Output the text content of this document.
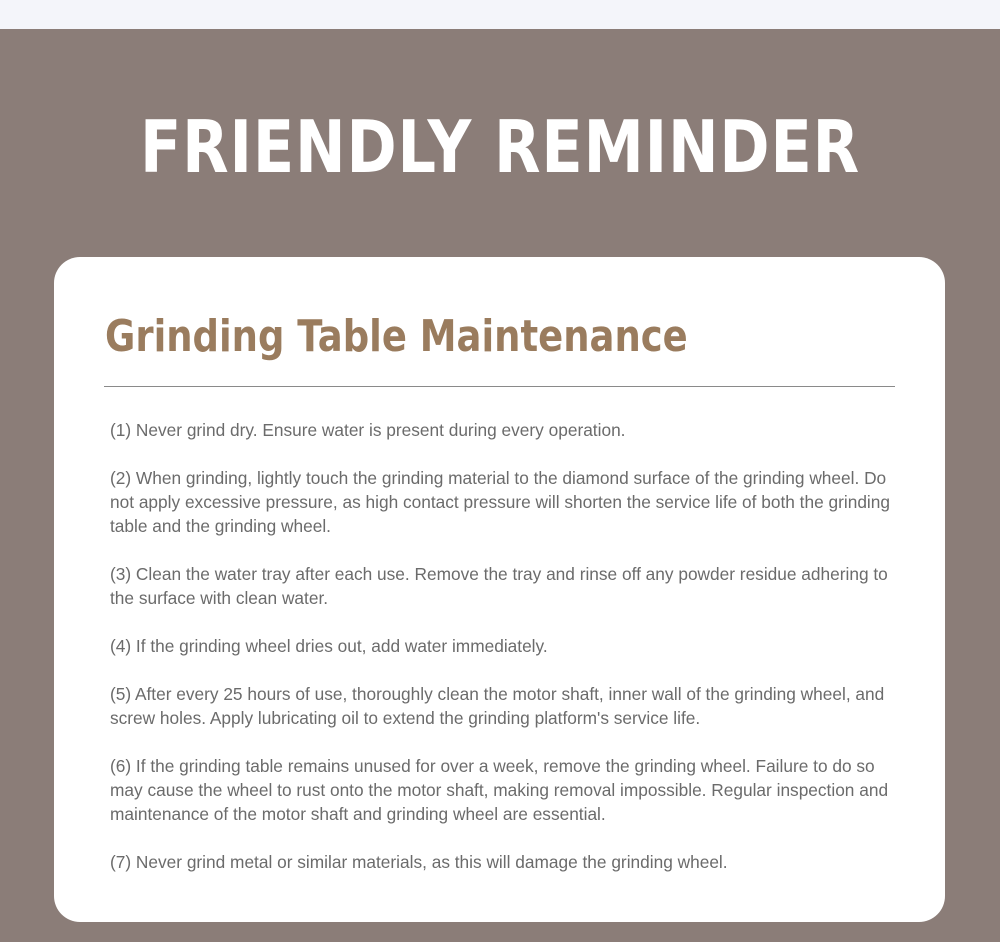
FRIENDLY REMINDER
Grinding Table Maintenance
(1) Never grind dry. Ensure water is present during every operation.
(2) When grinding, lightly touch the grinding material to the diamond surface of the grinding wheel. Do not apply excessive pressure, as high contact pressure will shorten the service life of both the grinding table and the grinding wheel.
(3) Clean the water tray after each use. Remove the tray and rinse off any powder residue adhering to the surface with clean water.
(4) If the grinding wheel dries out, add water immediately.
(5) After every 25 hours of use, thoroughly clean the motor shaft, inner wall of the grinding wheel, and screw holes. Apply lubricating oil to extend the grinding platform's service life.
(6) If the grinding table remains unused for over a week, remove the grinding wheel. Failure to do so may cause the wheel to rust onto the motor shaft, making removal impossible. Regular inspection and maintenance of the motor shaft and grinding wheel are essential.
(7) Never grind metal or similar materials, as this will damage the grinding wheel.
